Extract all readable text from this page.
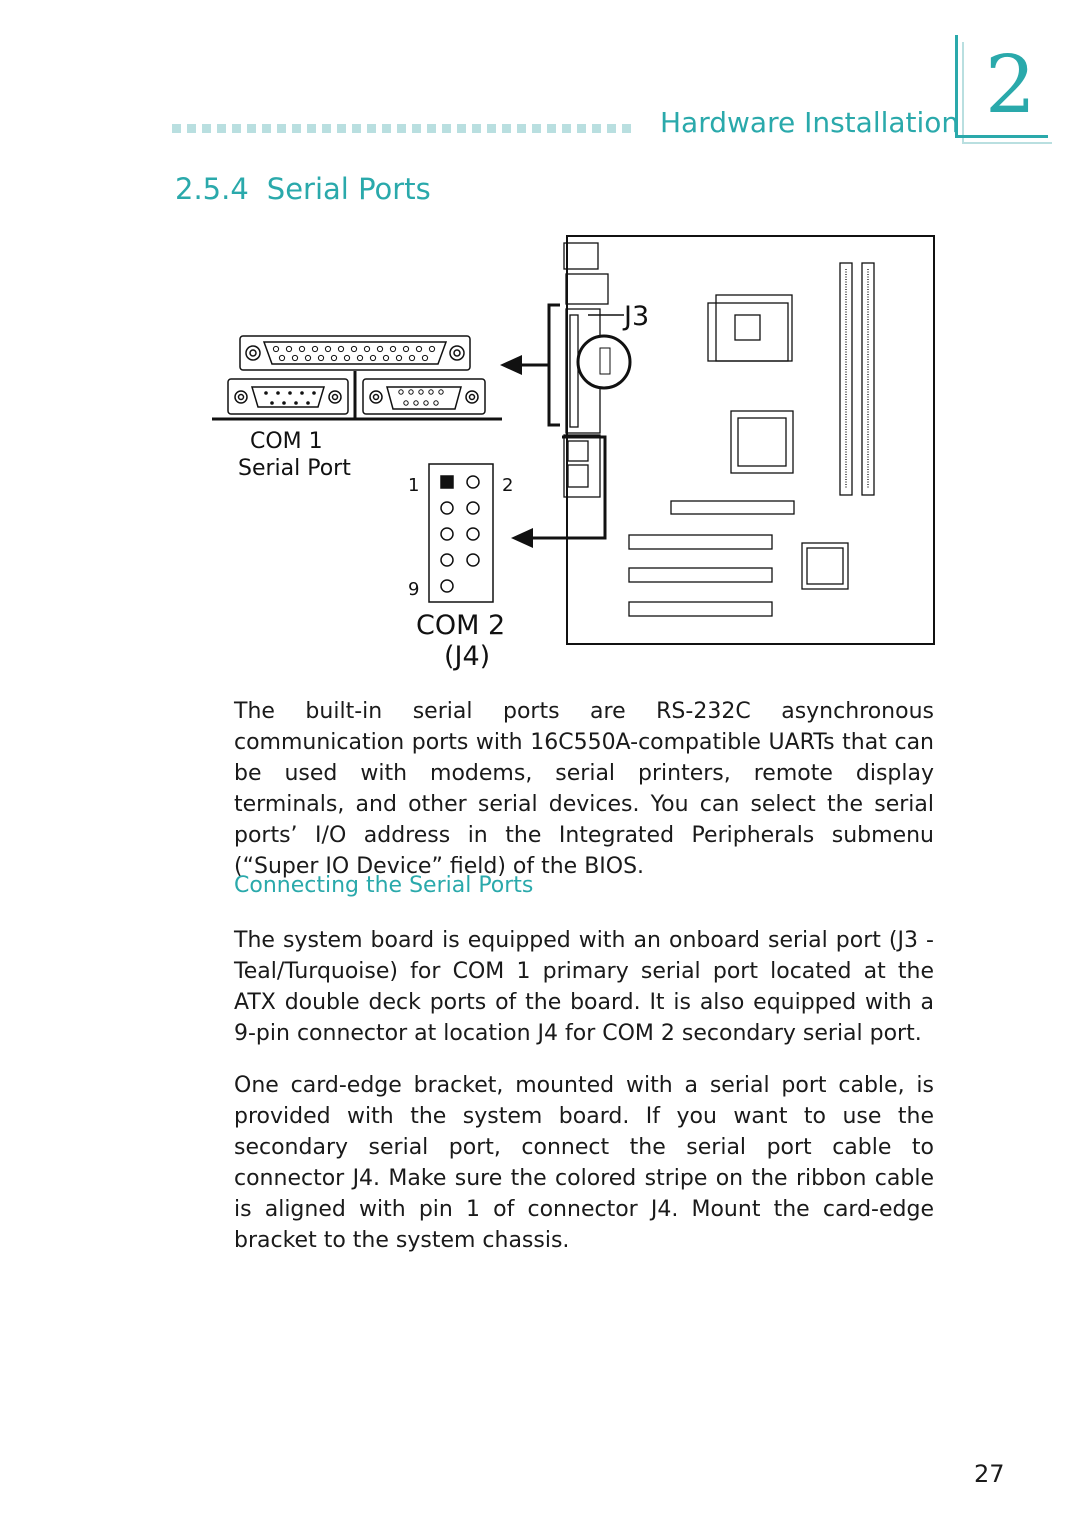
Hardware Installation 2
2.5.4 Serial Ports
COM 1
Serial Port
1	2
9
COM 2
(J4)
J3

The built-in serial ports are RS-232C asynchronous communication ports with 16C550A-compatible UARTs that can be used with modems, serial printers, remote display terminals, and other serial devices. You can select the serial ports’ I/O address in the Integrated Peripherals submenu (“Super IO Device” field) of the BIOS.

Connecting the Serial Ports

The system board is equipped with an onboard serial port (J3 - Teal/Turquoise) for COM 1 primary serial port located at the ATX double deck ports of the board. It is also equipped with a 9-pin connector at location J4 for COM 2 secondary serial port.

One card-edge bracket, mounted with a serial port cable, is provided with the system board. If you want to use the secondary serial port, connect the serial port cable to connector J4. Make sure the colored stripe on the ribbon cable is aligned with pin 1 of connector J4. Mount the card-edge bracket to the system chassis.

27
